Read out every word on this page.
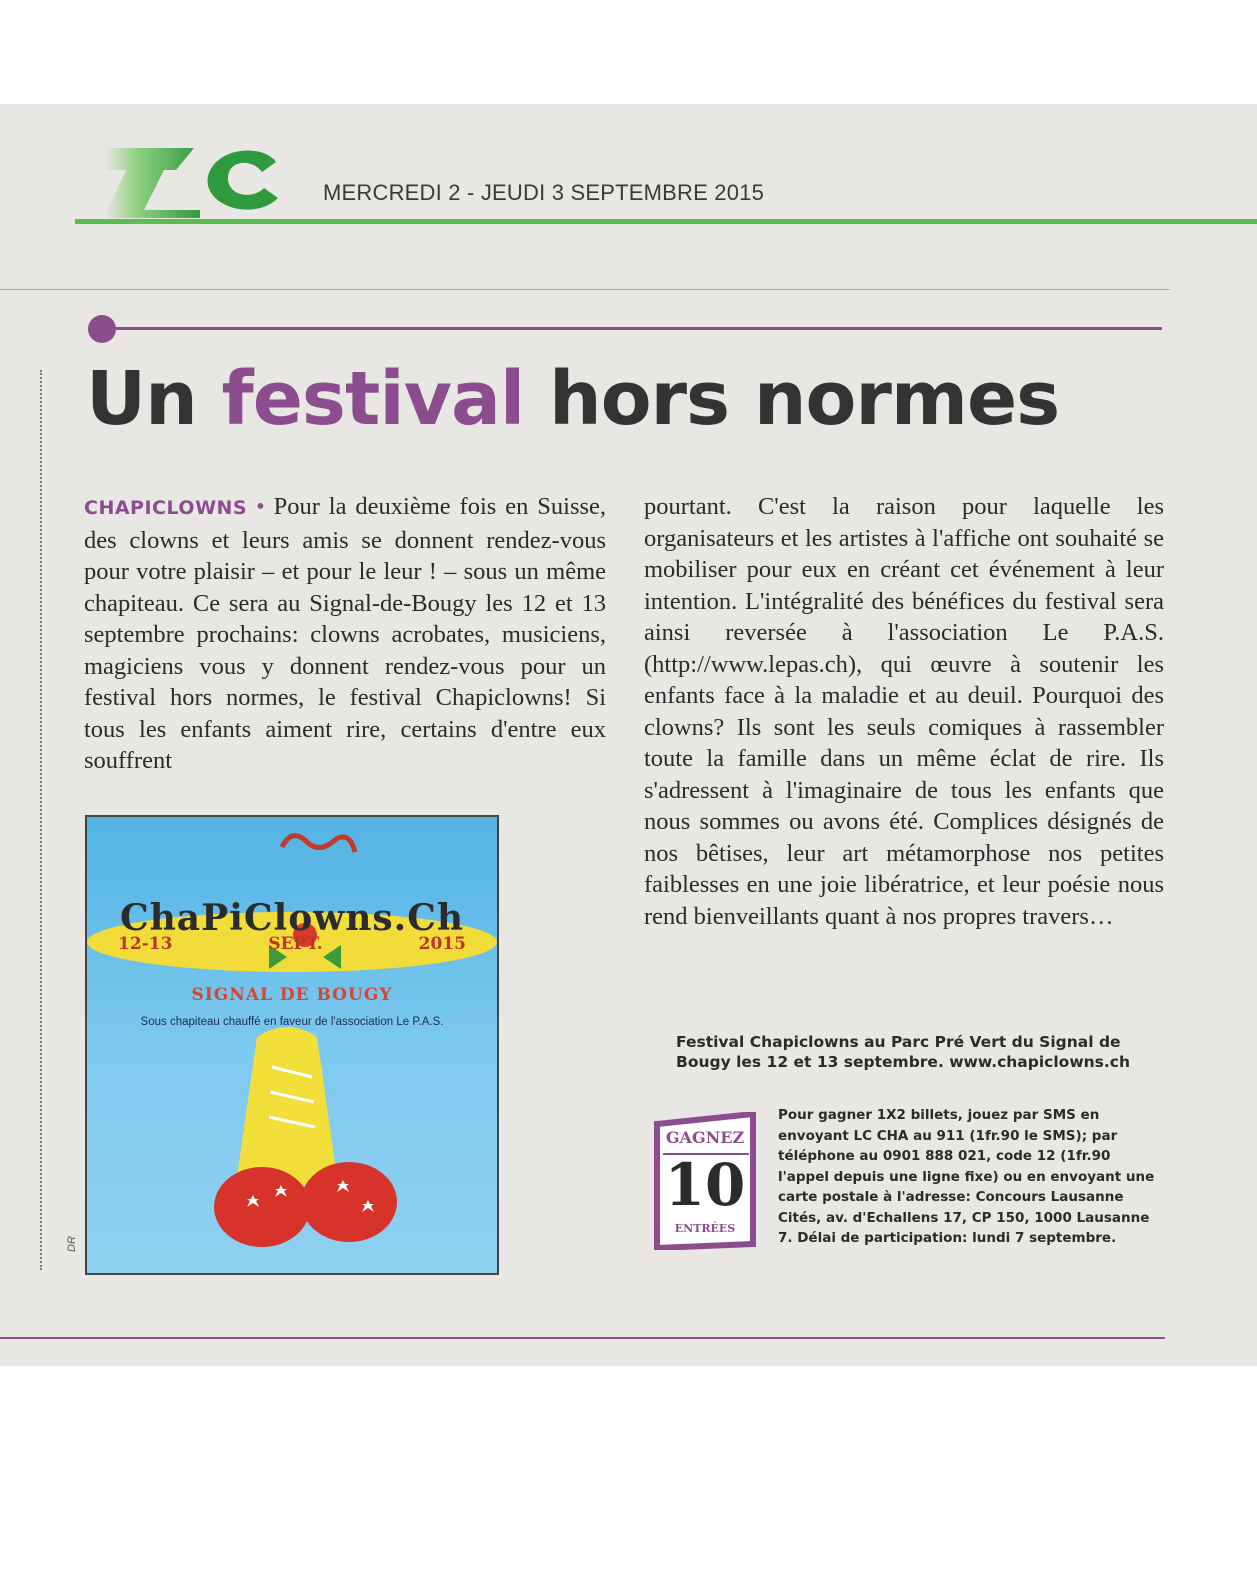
MERCREDI 2 - JEUDI 3 SEPTEMBRE 2015
Un festival hors normes

CHAPICLOWNS • Pour la deuxième fois en Suisse, des clowns et leurs amis se donnent rendez-vous pour votre plaisir – et pour le leur ! – sous un même chapiteau. Ce sera au Signal-de-Bougy les 12 et 13 septembre prochains: clowns acrobates, musiciens, magiciens vous y donnent rendez-vous pour un festival hors normes, le festival Chapiclowns! Si tous les enfants aiment rire, certains d'entre eux souffrent

pourtant. C'est la raison pour laquelle les organisateurs et les artistes à l'affiche ont souhaité se mobiliser pour eux en créant cet événement à leur intention. L'intégralité des bénéfices du festival sera ainsi reversée à l'association Le P.A.S. (http://www.lepas.ch), qui œuvre à soutenir les enfants face à la maladie et au deuil. Pourquoi des clowns? Ils sont les seuls comiques à rassembler toute la famille dans un même éclat de rire. Ils s'adressent à l'imaginaire de tous les enfants que nous sommes ou avons été. Complices désignés de nos bêtises, leur art métamorphose nos petites faiblesses en une joie libératrice, et leur poésie nous rend bienveillants quant à nos propres travers…

ChaPiClowns.Ch
12-13 SEPT.	2015
SIGNAL DE BOUGY
Sous chapiteau chauffé en faveur de l'association Le P.A.S.
DR

Festival Chapiclowns au Parc Pré Vert du Signal de Bougy les 12 et 13 septembre. www.chapiclowns.ch

GAGNEZ
10
ENTRÉES

Pour gagner 1X2 billets, jouez par SMS en envoyant LC CHA au 911 (1fr.90 le SMS); par téléphone au 0901 888 021, code 12 (1fr.90 l'appel depuis une ligne fixe) ou en envoyant une carte postale à l'adresse: Concours Lausanne Cités, av. d'Echallens 17, CP 150, 1000 Lausanne 7. Délai de participation: lundi 7 septembre.
